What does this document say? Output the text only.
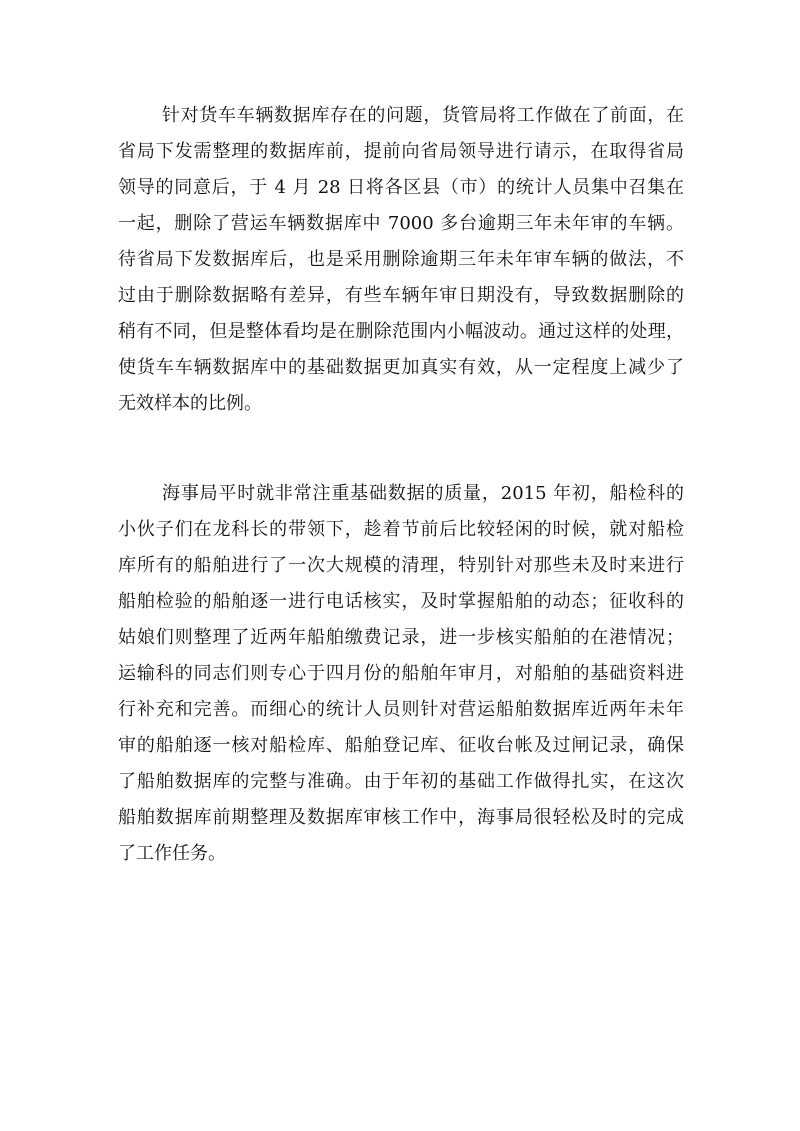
针对货车车辆数据库存在的问题，货管局将工作做在了前面，在
省局下发需整理的数据库前，提前向省局领导进行请示，在取得省局
领导的同意后，于 4 月 28 日将各区县（市）的统计人员集中召集在
一起，删除了营运车辆数据库中 7000 多台逾期三年未年审的车辆。
待省局下发数据库后，也是采用删除逾期三年未年审车辆的做法，不
过由于删除数据略有差异，有些车辆年审日期没有，导致数据删除的
稍有不同，但是整体看均是在删除范围内小幅波动。通过这样的处理，
使货车车辆数据库中的基础数据更加真实有效，从一定程度上减少了
无效样本的比例。
海事局平时就非常注重基础数据的质量，2015 年初，船检科的
小伙子们在龙科长的带领下，趁着节前后比较轻闲的时候，就对船检
库所有的船舶进行了一次大规模的清理，特别针对那些未及时来进行
船舶检验的船舶逐一进行电话核实，及时掌握船舶的动态；征收科的
姑娘们则整理了近两年船舶缴费记录，进一步核实船舶的在港情况；
运输科的同志们则专心于四月份的船舶年审月，对船舶的基础资料进
行补充和完善。而细心的统计人员则针对营运船舶数据库近两年未年
审的船舶逐一核对船检库、船舶登记库、征收台帐及过闸记录，确保
了船舶数据库的完整与准确。由于年初的基础工作做得扎实，在这次
船舶数据库前期整理及数据库审核工作中，海事局很轻松及时的完成
了工作任务。
